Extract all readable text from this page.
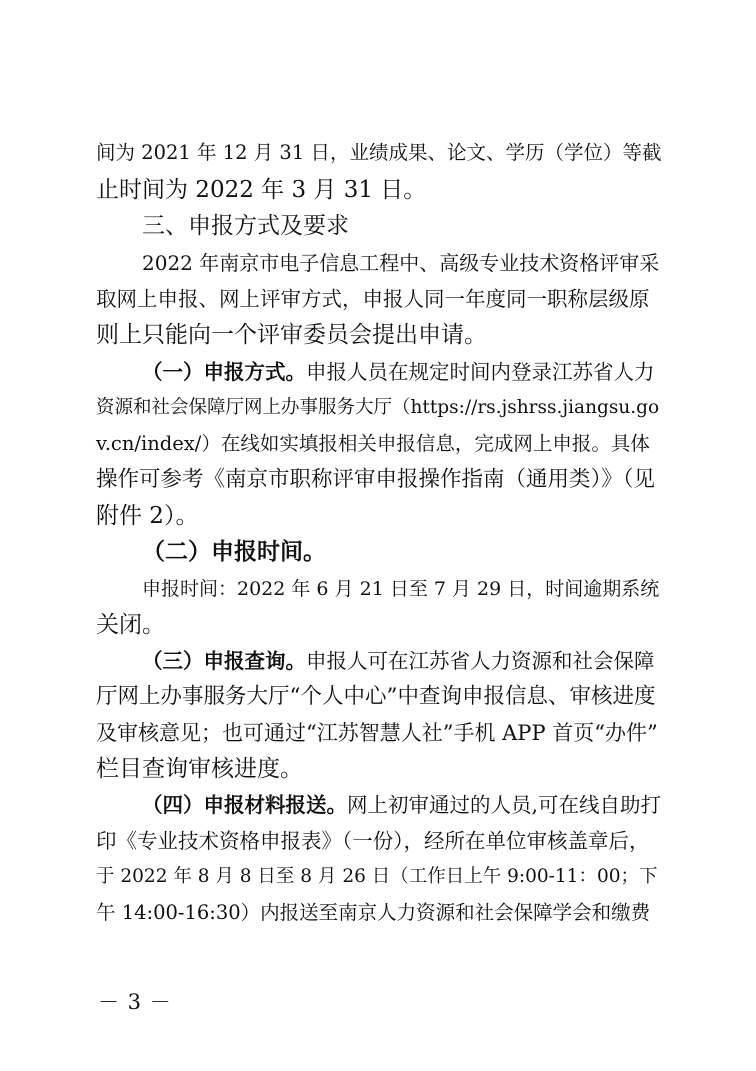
间为 2021 年 12 月 31 日，业绩成果、论文、学历（学位）等截
止时间为 2022 年 3 月 31 日。
三、申报方式及要求
2022 年南京市电子信息工程中、高级专业技术资格评审采
取网上申报、网上评审方式，申报人同一年度同一职称层级原
则上只能向一个评审委员会提出申请。
（一）申报方式。申报人员在规定时间内登录江苏省人力
资源和社会保障厅网上办事服务大厅（https://rs.jshrss.jiangsu.go
v.cn/index/）在线如实填报相关申报信息，完成网上申报。具体
操作可参考《南京市职称评审申报操作指南（通用类）》（见
附件 2）。
（二）申报时间。
申报时间：2022 年 6 月 21 日至 7 月 29 日，时间逾期系统
关闭。
（三）申报查询。申报人可在江苏省人力资源和社会保障
厅网上办事服务大厅“个人中心”中查询申报信息、审核进度
及审核意见；也可通过“江苏智慧人社”手机 APP 首页“办件”
栏目查询审核进度。
（四）申报材料报送。网上初审通过的人员,可在线自助打
印《专业技术资格申报表》（一份），经所在单位审核盖章后，
于 2022 年 8 月 8 日至 8 月 26 日（工作日上午 9:00-11：00；下
午 14:00-16:30）内报送至南京人力资源和社会保障学会和缴费
－ 3 －
